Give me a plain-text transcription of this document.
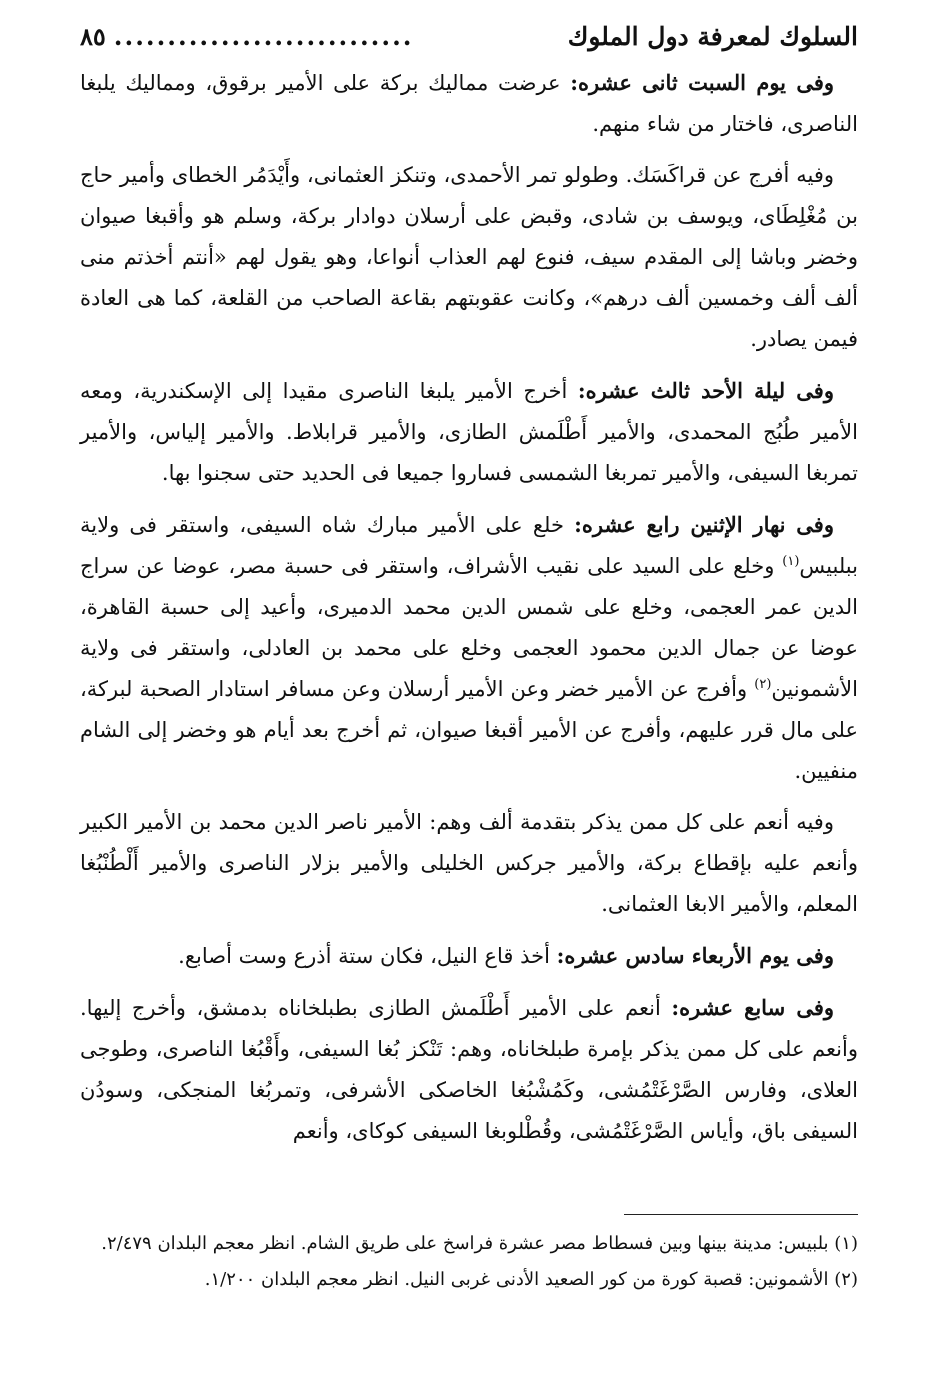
السلوك لمعرفة دول الملوك
............................
٨٥

وفى يوم السبت ثانى عشره: عرضت مماليك بركة على الأمير برقوق، ومماليك يلبغا الناصرى، فاختار من شاء منهم.

وفيه أفرج عن قراكَسَك. وطولو تمر الأحمدى، وتنكز العثمانى، وأَيْدَمُر الخطاى وأمير حاج بن مُغْلِطَاى، ويوسف بن شادى، وقبض على أرسلان دوادار بركة، وسلم هو وأقبغا صيوان وخضر وباشا إلى المقدم سيف، فنوع لهم العذاب أنواعا، وهو يقول لهم «أنتم أخذتم منى ألف ألف وخمسين ألف درهم»، وكانت عقوبتهم بقاعة الصاحب من القلعة، كما هى العادة فيمن يصادر.

وفى ليلة الأحد ثالث عشره: أخرج الأمير يلبغا الناصرى مقيدا إلى الإسكندرية، ومعه الأمير طُبُج المحمدى، والأمير أَطْلَمش الطازى، والأمير قرابلاط. والأمير إلياس، والأمير تمربغا السيفى، والأمير تمربغا الشمسى فساروا جميعا فى الحديد حتى سجنوا بها.

وفى نهار الإثنين رابع عشره: خلع على الأمير مبارك شاه السيفى، واستقر فى ولاية ببلبيس$^{(١)}$ وخلع على السيد على نقيب الأشراف، واستقر فى حسبة مصر، عوضا عن سراج الدين عمر العجمى، وخلع على شمس الدين محمد الدميرى، وأعيد إلى حسبة القاهرة، عوضا عن جمال الدين محمود العجمى وخلع على محمد بن العادلى، واستقر فى ولاية الأشمونين$^{(٢)}$ وأفرج عن الأمير خضر وعن الأمير أرسلان وعن مسافر استادار الصحبة لبركة، على مال قرر عليهم، وأفرج عن الأمير أقبغا صيوان، ثم أخرج بعد أيام هو وخضر إلى الشام منفيين.

وفيه أنعم على كل ممن يذكر بتقدمة ألف وهم: الأمير ناصر الدين محمد بن الأمير الكبير وأنعم عليه بإقطاع بركة، والأمير جركس الخليلى والأمير بزلار الناصرى والأمير أَلْطُنْبُغا المعلم، والأمير الابغا العثمانى.

وفى يوم الأربعاء سادس عشره: أخذ قاع النيل، فكان ستة أذرع وست أصابع.

وفى سابع عشره: أنعم على الأمير أَطْلَمش الطازى بطبلخاناه بدمشق، وأخرج إليها. وأنعم على كل ممن يذكر بإمرة طبلخاناه، وهم: تَنْكز بُغا السيفى، وأَقْبُغا الناصرى، وطوجى العلاى، وفارس الصَّرْغَتْمُشى، وكَمُشْبُغا الخاصكى الأشرفى، وتمربُغا المنجكى، وسودُن السيفى باق، وأياس الصَّرْغَتْمُشى، وقُطْلوبغا السيفى كوكاى، وأنعم

(١) بلبيس: مدينة بينها وبين فسطاط مصر عشرة فراسخ على طريق الشام. انظر معجم البلدان ٢/٤٧٩.

(٢) الأشمونين: قصبة كورة من كور الصعيد الأدنى غربى النيل. انظر معجم البلدان ١/٢٠٠.
